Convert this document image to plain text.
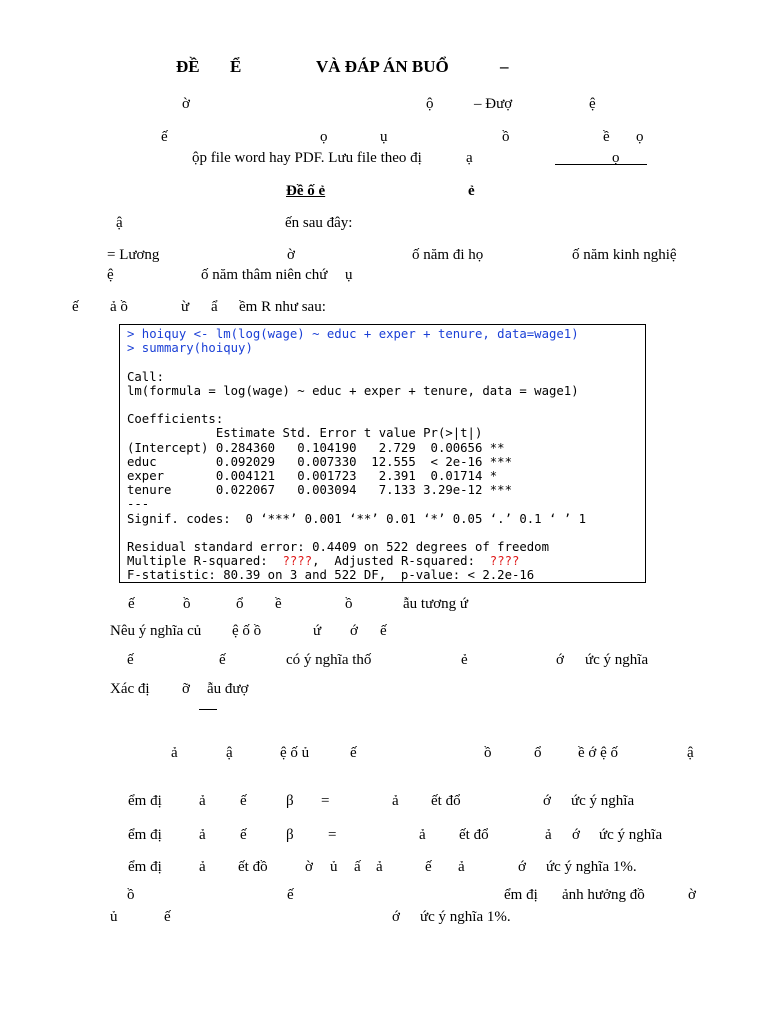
ĐỀ Ể	VÀ ĐÁP ÁN BUỔ	–
ờ	ộ	– Đượ	ệ
ế	ọ	ụ	ồ	ề ọ
ộp file word hay PDF. Lưu file theo đị	ạ	ọ
Đề ố ẻ	ẻ
ậ	ến sau đây:
= Lương	ờ	ố năm đi họ	ố năm kinh nghiệ
ệ	ố năm thâm niên chứ ụ
ế ả ồ	ừ ẩ ềm R như sau:
> hoiquy <- lm(log(wage) ~ educ + exper + tenure, data=wage1)
> summary(hoiquy)

Call:
lm(formula = log(wage) ~ educ + exper + tenure, data = wage1)

Coefficients:
Estimate Std. Error t value Pr(>|t|)
(Intercept) 0.284360   0.104190   2.729  0.00656 **
educ        0.092029   0.007330  12.555  < 2e-16 ***
exper       0.004121   0.001723   2.391  0.01714 *
tenure      0.022067   0.003094   7.133 3.29e-12 ***
---
Signif. codes:  0 ‘***’ 0.001 ‘**’ 0.01 ‘*’ 0.05 ‘.’ 0.1 ‘ ’ 1

Residual standard error: 0.4409 on 522 degrees of freedom
Multiple R-squared:  ????,  Adjusted R-squared:  ????
F-statistic: 80.39 on 3 and 522 DF,  p-value: < 2.2e-16
ế	ồ	ổ ề	ồ	ẫu tương ứ
Nêu ý nghĩa củ ệ ố ồ	ứ ớ ế
ế	ế	có ý nghĩa thố	ẻ	ớ ức ý nghĩa
Xác đị ỡ ẫu đượ
ả	ậ	ệ ố ủ	ế	ồ	ổ ề ớ ệ ố	ậ
ểm đị ả ế	β =	ả ết đổ	ớ ức ý nghĩa
ểm đị ả ế	β =	ả ết đổ	ả ớ ức ý nghĩa
ểm đị ả ết đồ ờ ủ ấ ả	ế ả	ớ ức ý nghĩa 1%.
ồ	ế	ểm đị ảnh hưởng đồ	ờ
ủ	ế	ớ ức ý nghĩa 1%.
